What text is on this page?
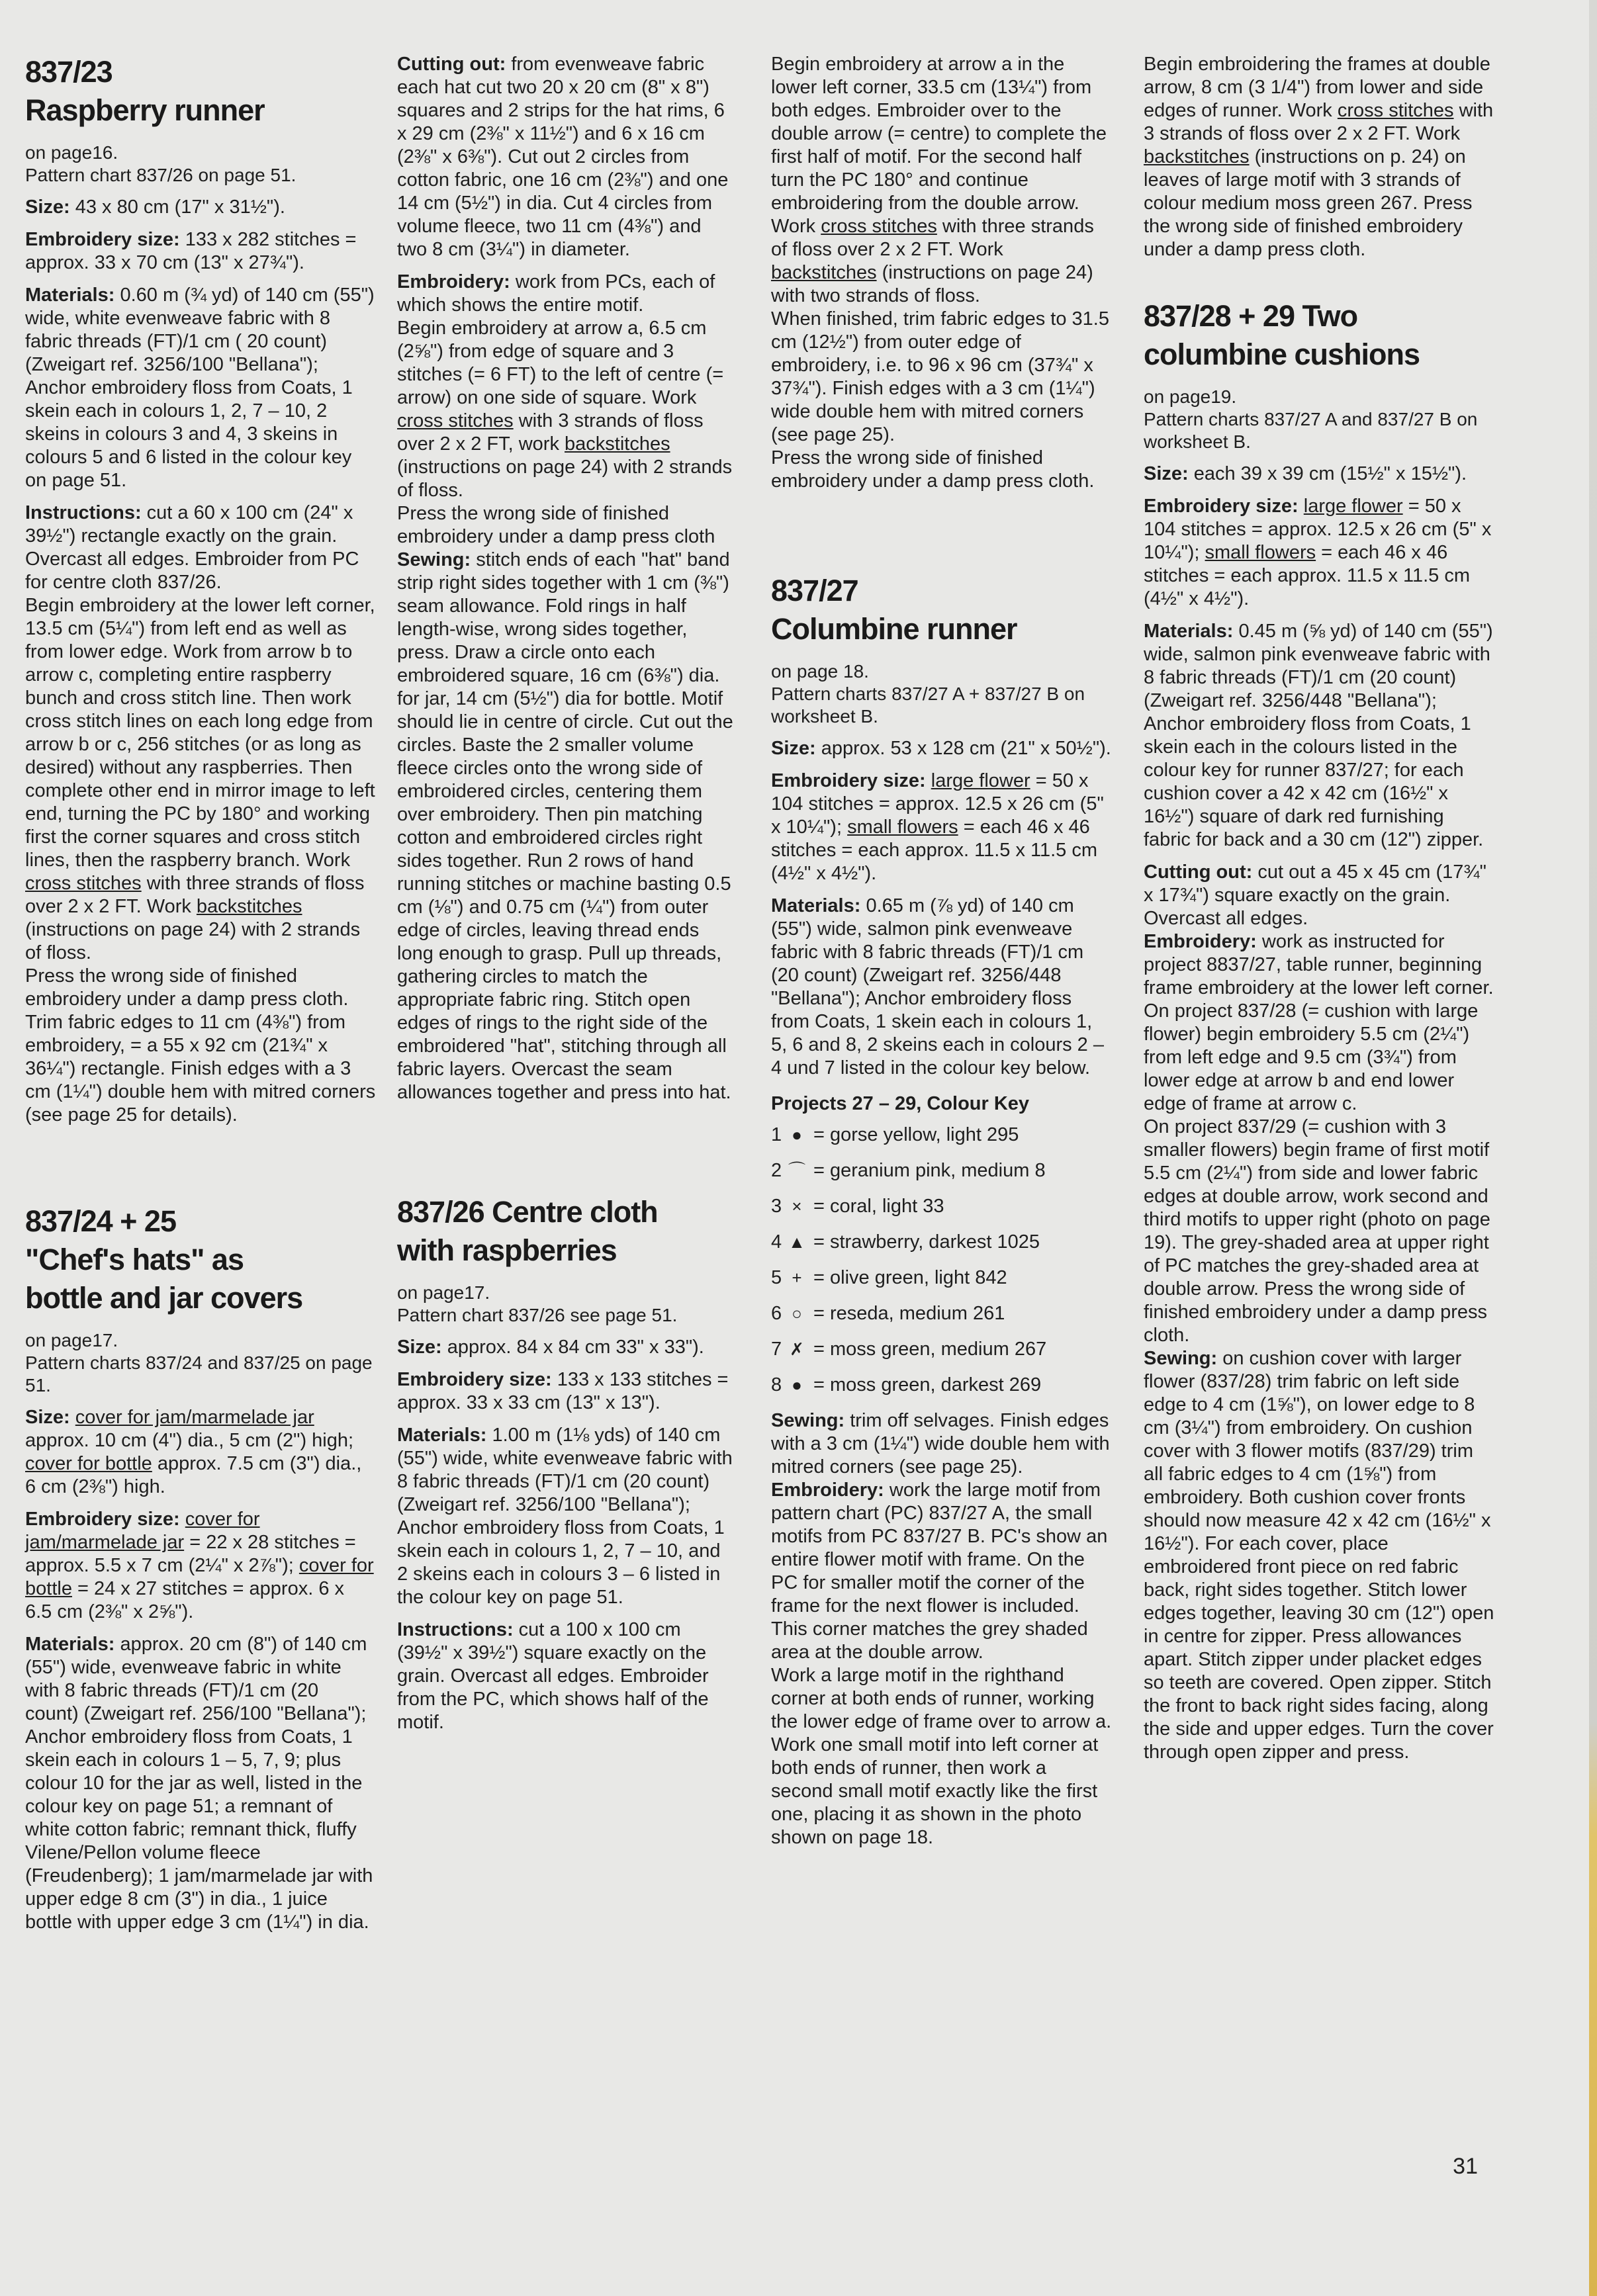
837/23
Raspberry runner

on page16.

Pattern chart 837/26 on page 51.

Size: 43 x 80 cm (17" x 31½").

Embroidery size: 133 x 282 stitches = approx. 33 x 70 cm (13" x 27¾").

Materials: 0.60 m (¾ yd) of 140 cm (55") wide, white evenweave fabric with 8 fabric threads (FT)/1 cm ( 20 count) (Zweigart ref. 3256/100 "Bellana"); Anchor embroidery floss from Coats, 1 skein each in colours 1, 2, 7 – 10, 2 skeins in colours 3 and 4, 3 skeins in colours 5 and 6 listed in the colour key on page 51.

Instructions: cut a 60 x 100 cm (24" x 39½") rectangle exactly on the grain. Overcast all edges. Embroider from PC for centre cloth 837/26.

Begin embroidery at the lower left corner, 13.5 cm (5¼") from left end as well as from lower edge. Work from arrow b to arrow c, completing entire raspberry bunch and cross stitch line. Then work cross stitch lines on each long edge from arrow b or c, 256 stitches (or as long as desired) without any raspberries. Then complete other end in mirror image to left end, turning the PC by 180° and working first the corner squares and cross stitch lines, then the raspberry branch. Work cross stitches with three strands of floss over 2 x 2 FT. Work backstitches (instructions on page 24) with 2 strands of floss.

Press the wrong side of finished embroidery under a damp press cloth. Trim fabric edges to 11 cm (4⅜") from embroidery, = a 55 x 92 cm (21¾" x 36¼") rectangle. Finish edges with a 3 cm (1¼") double hem with mitred corners (see page 25 for details).

837/24 + 25
"Chef's hats" as
bottle and jar covers

on page17.

Pattern charts 837/24 and 837/25 on page 51.

Size: cover for jam/marmelade jar approx. 10 cm (4") dia., 5 cm (2") high; cover for bottle approx. 7.5 cm (3") dia., 6 cm (2⅜") high.

Embroidery size: cover for jam/marmelade jar = 22 x 28 stitches = approx. 5.5 x 7 cm (2¼" x 2⅞"); cover for bottle = 24 x 27 stitches = approx. 6 x 6.5 cm (2⅜" x 2⅝").

Materials: approx. 20 cm (8") of 140 cm (55") wide, evenweave fabric in white with 8 fabric threads (FT)/1 cm (20 count) (Zweigart ref. 256/100 "Bellana"); Anchor embroidery floss from Coats, 1 skein each in colours 1 – 5, 7, 9; plus colour 10 for the jar as well, listed in the colour key on page 51; a remnant of white cotton fabric; remnant thick, fluffy Vilene/Pellon volume fleece (Freudenberg); 1 jam/marmelade jar with upper edge 8 cm (3") in dia., 1 juice bottle with upper edge 3 cm (1¼") in dia.

Cutting out: from evenweave fabric each hat cut two 20 x 20 cm (8" x 8") squares and 2 strips for the hat rims, 6 x 29 cm (2⅜" x 11½") and 6 x 16 cm (2⅜" x 6⅜"). Cut out 2 circles from cotton fabric, one 16 cm (2⅜") and one 14 cm (5½") in dia. Cut 4 circles from volume fleece, two 11 cm (4⅜") and two 8 cm (3¼") in diameter.

Embroidery: work from PCs, each of which shows the entire motif.

Begin embroidery at arrow a, 6.5 cm (2⅝") from edge of square and 3 stitches (= 6 FT) to the left of centre (= arrow) on one side of square. Work cross stitches with 3 strands of floss over 2 x 2 FT, work backstitches (instructions on page 24) with 2 strands of floss.

Press the wrong side of finished embroidery under a damp press cloth

Sewing: stitch ends of each "hat" band strip right sides together with 1 cm (⅜") seam allowance. Fold rings in half length-wise, wrong sides together, press. Draw a circle onto each embroidered square, 16 cm (6⅜") dia. for jar, 14 cm (5½") dia for bottle. Motif should lie in centre of circle. Cut out the circles. Baste the 2 smaller volume fleece circles onto the wrong side of embroidered circles, centering them over embroidery. Then pin matching cotton and embroidered circles right sides together. Run 2 rows of hand running stitches or machine basting 0.5 cm (⅛") and 0.75 cm (¼") from outer edge of circles, leaving thread ends long enough to grasp. Pull up threads, gathering circles to match the appropriate fabric ring. Stitch open edges of rings to the right side of the embroidered "hat", stitching through all fabric layers. Overcast the seam allowances together and press into hat.

837/26 Centre cloth
with raspberries

on page17.

Pattern chart 837/26 see page 51.

Size: approx. 84 x 84 cm 33" x 33").

Embroidery size: 133 x 133 stitches = approx. 33 x 33 cm (13" x 13").

Materials: 1.00 m (1⅛ yds) of 140 cm (55") wide, white evenweave fabric with 8 fabric threads (FT)/1 cm (20 count) (Zweigart ref. 3256/100 "Bellana"); Anchor embroidery floss from Coats, 1 skein each in colours 1, 2, 7 – 10, and 2 skeins each in colours 3 – 6 listed in the colour key on page 51.

Instructions: cut a 100 x 100 cm (39½" x 39½") square exactly on the grain. Overcast all edges. Embroider from the PC, which shows half of the motif.

Begin embroidery at arrow a in the lower left corner, 33.5 cm (13¼") from both edges. Embroider over to the double arrow (= centre) to complete the first half of motif. For the second half turn the PC 180° and continue embroidering from the double arrow.

Work cross stitches with three strands of floss over 2 x 2 FT. Work backstitches (instructions on page 24) with two strands of floss.

When finished, trim fabric edges to 31.5 cm (12½") from outer edge of embroidery, i.e. to 96 x 96 cm (37¾" x 37¾"). Finish edges with a 3 cm (1¼") wide double hem with mitred corners (see page 25).

Press the wrong side of finished embroidery under a damp press cloth.

837/27
Columbine runner

on page 18.

Pattern charts 837/27 A + 837/27 B on worksheet B.

Size: approx. 53 x 128 cm (21" x 50½").

Embroidery size: large flower = 50 x 104 stitches = approx. 12.5 x 26 cm (5" x 10¼"); small flowers = each 46 x 46 stitches = each approx. 11.5 x 11.5 cm (4½" x 4½").

Materials: 0.65 m (⅞ yd) of 140 cm (55") wide, salmon pink evenweave fabric with 8 fabric threads (FT)/1 cm (20 count) (Zweigart ref. 3256/448 "Bellana"); Anchor embroidery floss from Coats, 1 skein each in colours 1, 5, 6 and 8, 2 skeins each in colours 2 – 4 und 7 listed in the colour key below.

Projects 27 – 29, Colour Key
1 ● = gorse yellow, light 295
2 ⌒ = geranium pink, medium 8
3 × = coral, light 33
4 ▲ = strawberry, darkest 1025
5 + = olive green, light 842
6 ○ = reseda, medium 261
7 ✗ = moss green, medium 267
8 ● = moss green, darkest 269

Sewing: trim off selvages. Finish edges with a 3 cm (1¼") wide double hem with mitred corners (see page 25).

Embroidery: work the large motif from pattern chart (PC) 837/27 A, the small motifs from PC 837/27 B. PC's show an entire flower motif with frame. On the PC for smaller motif the corner of the frame for the next flower is included. This corner matches the grey shaded area at the double arrow.

Work a large motif in the righthand corner at both ends of runner, working the lower edge of frame over to arrow a. Work one small motif into left corner at both ends of runner, then work a second small motif exactly like the first one, placing it as shown in the photo shown on page 18.

Begin embroidering the frames at double arrow, 8 cm (3 1/4") from lower and side edges of runner. Work cross stitches with 3 strands of floss over 2 x 2 FT. Work backstitches (instructions on p. 24) on leaves of large motif with 3 strands of colour medium moss green 267. Press the wrong side of finished embroidery under a damp press cloth.

837/28 + 29 Two
columbine cushions

on page19.

Pattern charts 837/27 A and 837/27 B on worksheet B.

Size: each 39 x 39 cm (15½" x 15½").

Embroidery size: large flower = 50 x 104 stitches = approx. 12.5 x 26 cm (5" x 10¼"); small flowers = each 46 x 46 stitches = each approx. 11.5 x 11.5 cm (4½" x 4½").

Materials: 0.45 m (⅝ yd) of 140 cm (55") wide, salmon pink evenweave fabric with 8 fabric threads (FT)/1 cm (20 count) (Zweigart ref. 3256/448 "Bellana"); Anchor embroidery floss from Coats, 1 skein each in the colours listed in the colour key for runner 837/27; for each cushion cover a 42 x 42 cm (16½" x 16½") square of dark red furnishing fabric for back and a 30 cm (12") zipper.

Cutting out: cut out a 45 x 45 cm (17¾" x 17¾") square exactly on the grain. Overcast all edges.

Embroidery: work as instructed for project 8837/27, table runner, beginning frame embroidery at the lower left corner.

On project 837/28 (= cushion with large flower) begin embroidery 5.5 cm (2¼") from left edge and 9.5 cm (3¾") from lower edge at arrow b and end lower edge of frame at arrow c.

On project 837/29 (= cushion with 3 smaller flowers) begin frame of first motif 5.5 cm (2¼") from side and lower fabric edges at double arrow, work second and third motifs to upper right (photo on page 19). The grey-shaded area at upper right of PC matches the grey-shaded area at double arrow. Press the wrong side of finished embroidery under a damp press cloth.

Sewing: on cushion cover with larger flower (837/28) trim fabric on left side edge to 4 cm (1⅝"), on lower edge to 8 cm (3¼") from embroidery. On cushion cover with 3 flower motifs (837/29) trim all fabric edges to 4 cm (1⅝") from embroidery. Both cushion cover fronts should now measure 42 x 42 cm (16½" x 16½"). For each cover, place embroidered front piece on red fabric back, right sides together. Stitch lower edges together, leaving 30 cm (12") open in centre for zipper. Press allowances apart. Stitch zipper under placket edges so teeth are covered. Open zipper. Stitch the front to back right sides facing, along the side and upper edges. Turn the cover through open zipper and press.

31
